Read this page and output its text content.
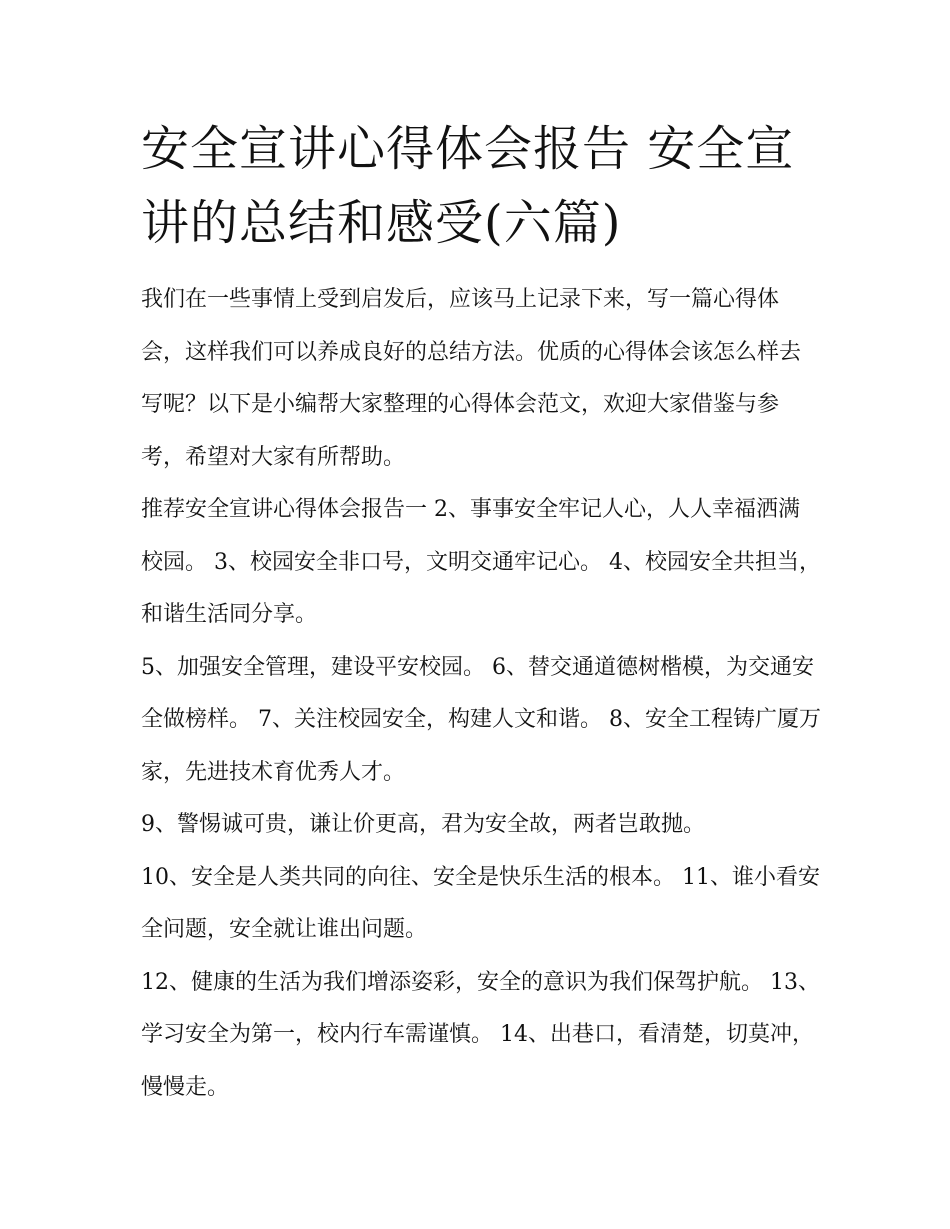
安全宣讲心得体会报告 安全宣讲的总结和感受(六篇)

我们在一些事情上受到启发后，应该马上记录下来，写一篇心得体会，这样我们可以养成良好的总结方法。优质的心得体会该怎么样去写呢？以下是小编帮大家整理的心得体会范文，欢迎大家借鉴与参考，希望对大家有所帮助。

推荐安全宣讲心得体会报告一 2、事事安全牢记人心，人人幸福洒满校园。 3、校园安全非口号，文明交通牢记心。 4、校园安全共担当，和谐生活同分享。

5、加强安全管理，建设平安校园。 6、替交通道德树楷模，为交通安全做榜样。 7、关注校园安全，构建人文和谐。 8、安全工程铸广厦万家，先进技术育优秀人才。

9、警惕诚可贵，谦让价更高，君为安全故，两者岂敢抛。

10、安全是人类共同的向往、安全是快乐生活的根本。 11、谁小看安全问题，安全就让谁出问题。

12、健康的生活为我们增添姿彩，安全的意识为我们保驾护航。 13、学习安全为第一，校内行车需谨慎。 14、出巷口，看清楚，切莫冲，慢慢走。
